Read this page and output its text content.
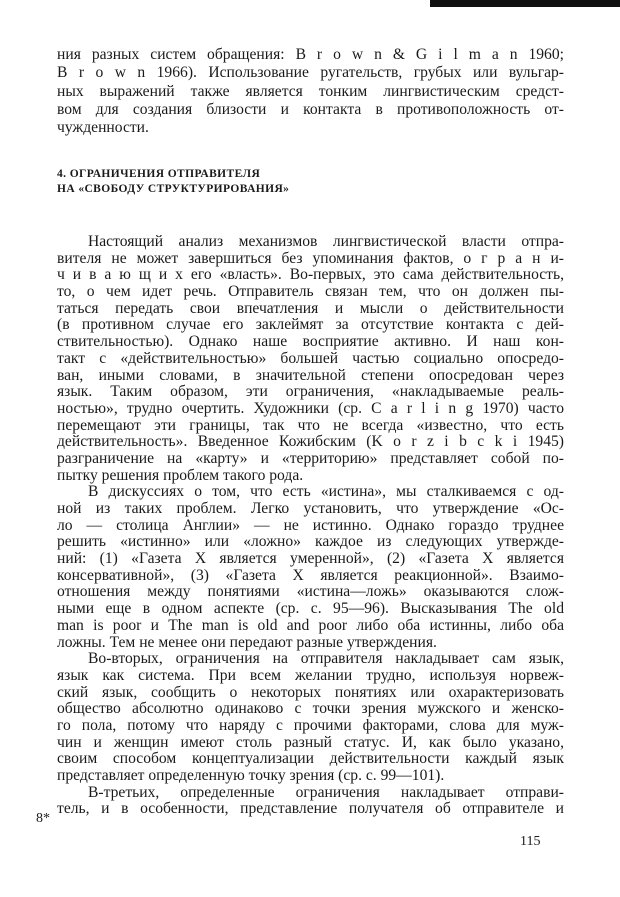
ния разных систем обращения: B r o w n & G i l m a n 1960;
B r o w n 1966). Использование ругательств, грубых или вульгар-
ных выражений также является тонким лингвистическим средст-
вом для создания близости и контакта в противоположность от-
чужденности.
4. ОГРАНИЧЕНИЯ ОТПРАВИТЕЛЯ
НА «СВОБОДУ СТРУКТУРИРОВАНИЯ»
Настоящий анализ механизмов лингвистической власти отпра-
вителя не может завершиться без упоминания фактов, о г р а н и-
ч и в а ю щ и х его «власть». Во-первых, это сама действительность,
то, о чем идет речь. Отправитель связан тем, что он должен пы-
таться передать свои впечатления и мысли о действительности
(в противном случае его заклеймят за отсутствие контакта с дей-
ствительностью). Однако наше восприятие активно. И наш кон-
такт с «действительностью» большей частью социально опосредо-
ван, иными словами, в значительной степени опосредован через
язык. Таким образом, эти ограничения, «накладываемые реаль-
ностью», трудно очертить. Художники (ср. C a r l i n g 1970) часто
перемещают эти границы, так что не всегда «известно, что есть
действительность». Введенное Кожибским (K o r z i b c k i 1945)
разграничение на «карту» и «территорию» представляет собой по-
пытку решения проблем такого рода.
В дискуссиях о том, что есть «истина», мы сталкиваемся с од-
ной из таких проблем. Легко установить, что утверждение «Ос-
ло — столица Англии» — не истинно. Однако гораздо труднее
решить «истинно» или «ложно» каждое из следующих утвержде-
ний: (1) «Газета X является умеренной», (2) «Газета X является
консервативной», (3) «Газета X является реакционной». Взаимо-
отношения между понятиями «истина—ложь» оказываются слож-
ными еще в одном аспекте (ср. с. 95—96). Высказывания The old
man is poor и The man is old and poor либо оба истинны, либо оба
ложны. Тем не менее они передают разные утверждения.
Во-вторых, ограничения на отправителя накладывает сам язык,
язык как система. При всем желании трудно, используя норвеж-
ский язык, сообщить о некоторых понятиях или охарактеризовать
общество абсолютно одинаково с точки зрения мужского и женско-
го пола, потому что наряду с прочими факторами, слова для муж-
чин и женщин имеют столь разный статус. И, как было указано,
своим способом концептуализации действительности каждый язык
представляет определенную точку зрения (ср. с. 99—101).
В-третьих, определенные ограничения накладывает отправи-
тель, и в особенности, представление получателя об отправителе и
8*
115
